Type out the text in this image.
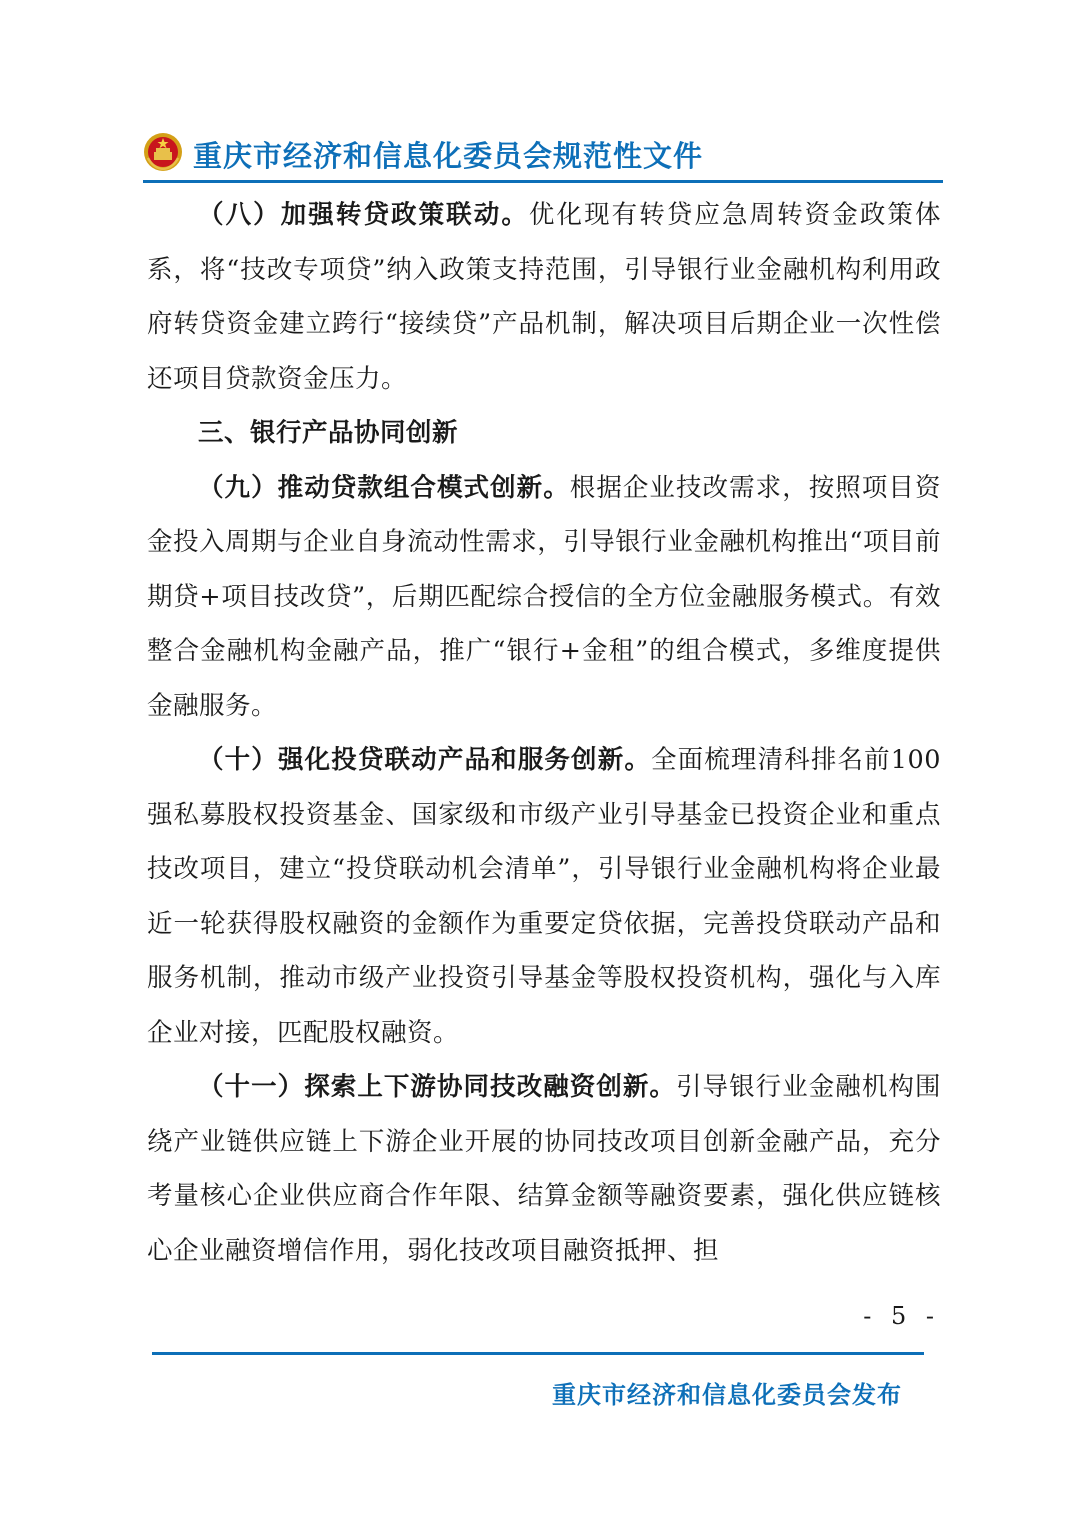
重庆市经济和信息化委员会规范性文件

（八）加强转贷政策联动。优化现有转贷应急周转资金政策体系，将“技改专项贷”纳入政策支持范围，引导银行业金融机构利用政府转贷资金建立跨行“接续贷”产品机制，解决项目后期企业一次性偿还项目贷款资金压力。

三、银行产品协同创新

（九）推动贷款组合模式创新。根据企业技改需求，按照项目资金投入周期与企业自身流动性需求，引导银行业金融机构推出“项目前期贷+项目技改贷”，后期匹配综合授信的全方位金融服务模式。有效整合金融机构金融产品，推广“银行+金租”的组合模式，多维度提供金融服务。

（十）强化投贷联动产品和服务创新。全面梳理清科排名前100强私募股权投资基金、国家级和市级产业引导基金已投资企业和重点技改项目，建立“投贷联动机会清单”，引导银行业金融机构将企业最近一轮获得股权融资的金额作为重要定贷依据，完善投贷联动产品和服务机制，推动市级产业投资引导基金等股权投资机构，强化与入库企业对接，匹配股权融资。

（十一）探索上下游协同技改融资创新。引导银行业金融机构围绕产业链供应链上下游企业开展的协同技改项目创新金融产品，充分考量核心企业供应商合作年限、结算金额等融资要素，强化供应链核心企业融资增信作用，弱化技改项目融资抵押、担

- 5 -
重庆市经济和信息化委员会发布
